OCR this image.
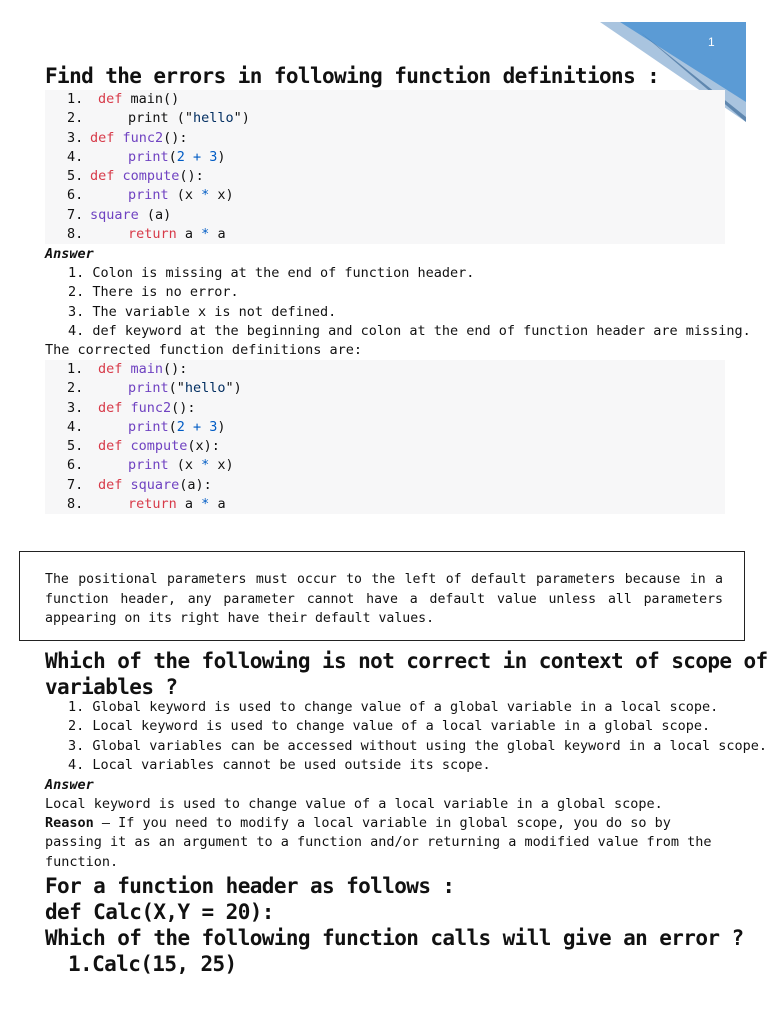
1
Find the errors in following function definitions :
1. def main()
2.	print ("hello")
3. def func2():
4.	print(2 + 3)
5. def compute():
6.	print (x * x)
7. square (a)
8.	return a * a
Answer
1. Colon is missing at the end of function header.
2. There is no error.
3. The variable x is not defined.
4. def keyword at the beginning and colon at the end of function header are missing.
The corrected function definitions are:
1. def main():
2.	print("hello")
3. def func2():
4.	print(2 + 3)
5. def compute(x):
6.	print (x * x)
7. def square(a):
8.	return a * a

The positional parameters must occur to the left of default parameters because in a function header, any parameter cannot have a default value unless all parameters appearing on its right have their default values.

Which of the following is not correct in context of scope of
variables ?
1. Global keyword is used to change value of a global variable in a local scope.
2. Local keyword is used to change value of a local variable in a global scope.
3. Global variables can be accessed without using the global keyword in a local scope.
4. Local variables cannot be used outside its scope.
Answer
Local keyword is used to change value of a local variable in a global scope.
Reason — If you need to modify a local variable in global scope, you do so by passing it as an argument to a function and/or returning a modified value from the function.
For a function header as follows :
def Calc(X,Y = 20):
Which of the following function calls will give an error ?
1.Calc(15, 25)
